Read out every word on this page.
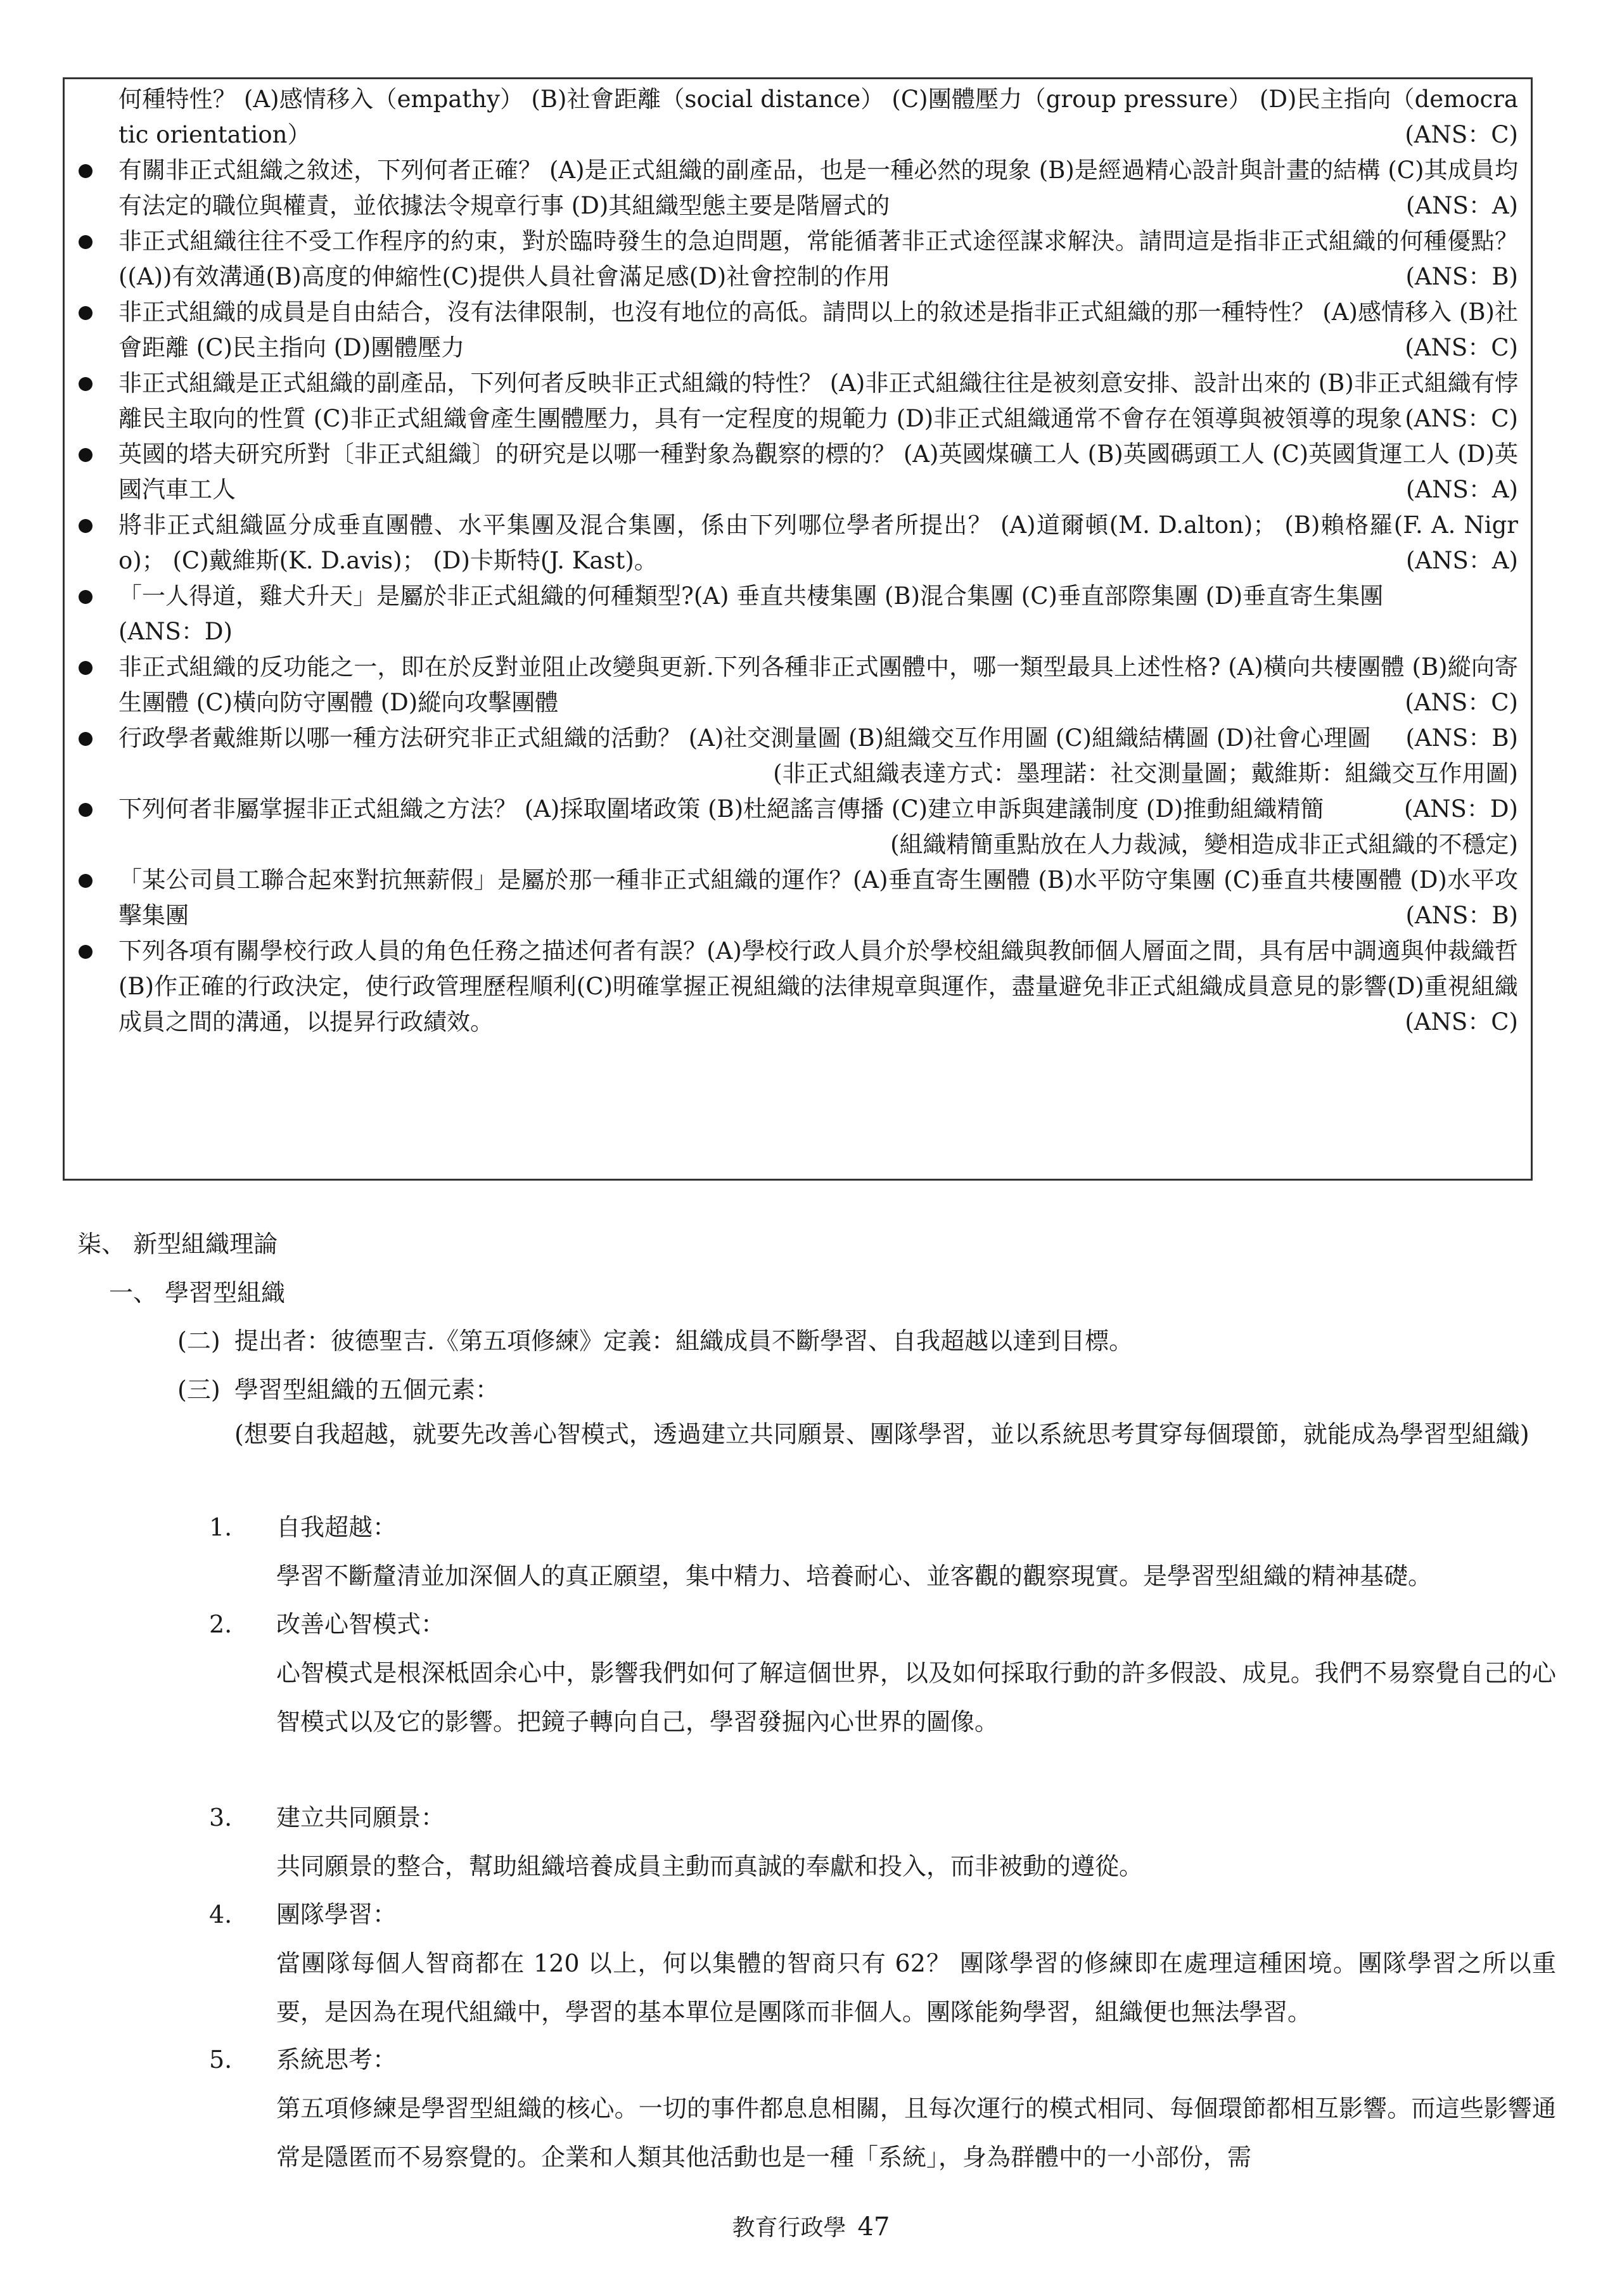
何種特性？ (A)感情移入（empathy） (B)社會距離（social distance） (C)團體壓力（group pressure） (D)民主指向（democratic orientation）	(ANS：C)
有關非正式組織之敘述，下列何者正確？ (A)是正式組織的副產品，也是一種必然的現象 (B)是經過精心設計與計畫的結構 (C)其成員均有法定的職位與權責，並依據法令規章行事 (D)其組織型態主要是階層式的	(ANS：A)
非正式組織往往不受工作程序的約束，對於臨時發生的急迫問題，常能循著非正式途徑謀求解決。請問這是指非正式組織的何種優點？((A))有效溝通(B)高度的伸縮性(C)提供人員社會滿足感(D)社會控制的作用	(ANS：B)
非正式組織的成員是自由結合，沒有法律限制，也沒有地位的高低。請問以上的敘述是指非正式組織的那一種特性？ (A)感情移入 (B)社會距離 (C)民主指向 (D)團體壓力	(ANS：C)
非正式組織是正式組織的副產品，下列何者反映非正式組織的特性？ (A)非正式組織往往是被刻意安排、設計出來的 (B)非正式組織有悖離民主取向的性質 (C)非正式組織會產生團體壓力，具有一定程度的規範力 (D)非正式組織通常不會存在領導與被領導的現象 (ANS：C)
英國的塔夫研究所對〔非正式組織〕的研究是以哪一種對象為觀察的標的？ (A)英國煤礦工人 (B)英國碼頭工人 (C)英國貨運工人 (D)英國汽車工人	(ANS：A)
將非正式組織區分成垂直團體、水平集團及混合集團，係由下列哪位學者所提出？ (A)道爾頓(M. D.alton)； (B)賴格羅(F. A. Nigro)； (C)戴維斯(K. D.avis)； (D)卡斯特(J. Kast)。	(ANS：A)
「一人得道，雞犬升天」是屬於非正式組織的何種類型?(A) 垂直共棲集團 (B)混合集團 (C)垂直部際集團 (D)垂直寄生集團
(ANS：D)
非正式組織的反功能之一，即在於反對並阻止改變與更新.下列各種非正式團體中，哪一類型最具上述性格? (A)橫向共棲團體 (B)縱向寄生團體 (C)橫向防守團體 (D)縱向攻擊團體	(ANS：C)
行政學者戴維斯以哪一種方法研究非正式組織的活動？ (A)社交測量圖 (B)組織交互作用圖 (C)組織結構圖 (D)社會心理圖	(ANS：B)
(非正式組織表達方式：墨理諾：社交測量圖；戴維斯：組織交互作用圖)
下列何者非屬掌握非正式組織之方法？ (A)採取圍堵政策 (B)杜絕謠言傳播 (C)建立申訴與建議制度 (D)推動組織精簡	(ANS：D)
(組織精簡重點放在人力裁減，變相造成非正式組織的不穩定)
「某公司員工聯合起來對抗無薪假」是屬於那一種非正式組織的運作？(A)垂直寄生團體 (B)水平防守集團 (C)垂直共棲團體 (D)水平攻擊集團	(ANS：B)
下列各項有關學校行政人員的角色任務之描述何者有誤？(A)學校行政人員介於學校組織與教師個人層面之間，具有居中調適與仲裁織哲(B)作正確的行政決定，使行政管理歷程順利(C)明確掌握正視組織的法律規章與運作，盡量避免非正式組織成員意見的影響(D)重視組織成員之間的溝通，以提昇行政績效。	(ANS：C)
柒、 新型組織理論
一、 學習型組織
(二) 提出者：彼德聖吉.《第五項修練》定義：組織成員不斷學習、自我超越以達到目標。
(三) 學習型組織的五個元素：
(想要自我超越，就要先改善心智模式，透過建立共同願景、團隊學習，並以系統思考貫穿每個環節，就能成為學習型組織)
1. 自我超越：
學習不斷釐清並加深個人的真正願望，集中精力、培養耐心、並客觀的觀察現實。是學習型組織的精神基礎。
2. 改善心智模式：
心智模式是根深柢固余心中，影響我們如何了解這個世界，以及如何採取行動的許多假設、成見。我們不易察覺自己的心智模式以及它的影響。把鏡子轉向自己，學習發掘內心世界的圖像。
3. 建立共同願景：
共同願景的整合，幫助組織培養成員主動而真誠的奉獻和投入，而非被動的遵從。
4. 團隊學習：
當團隊每個人智商都在 120 以上，何以集體的智商只有 62？ 團隊學習的修練即在處理這種困境。團隊學習之所以重要，是因為在現代組織中，學習的基本單位是團隊而非個人。團隊能夠學習，組織便也無法學習。
5. 系統思考：
第五項修練是學習型組織的核心。一切的事件都息息相關，且每次運行的模式相同、每個環節都相互影響。而這些影響通常是隱匿而不易察覺的。企業和人類其他活動也是一種「系統」，身為群體中的一小部份，需
教育行政學 47
